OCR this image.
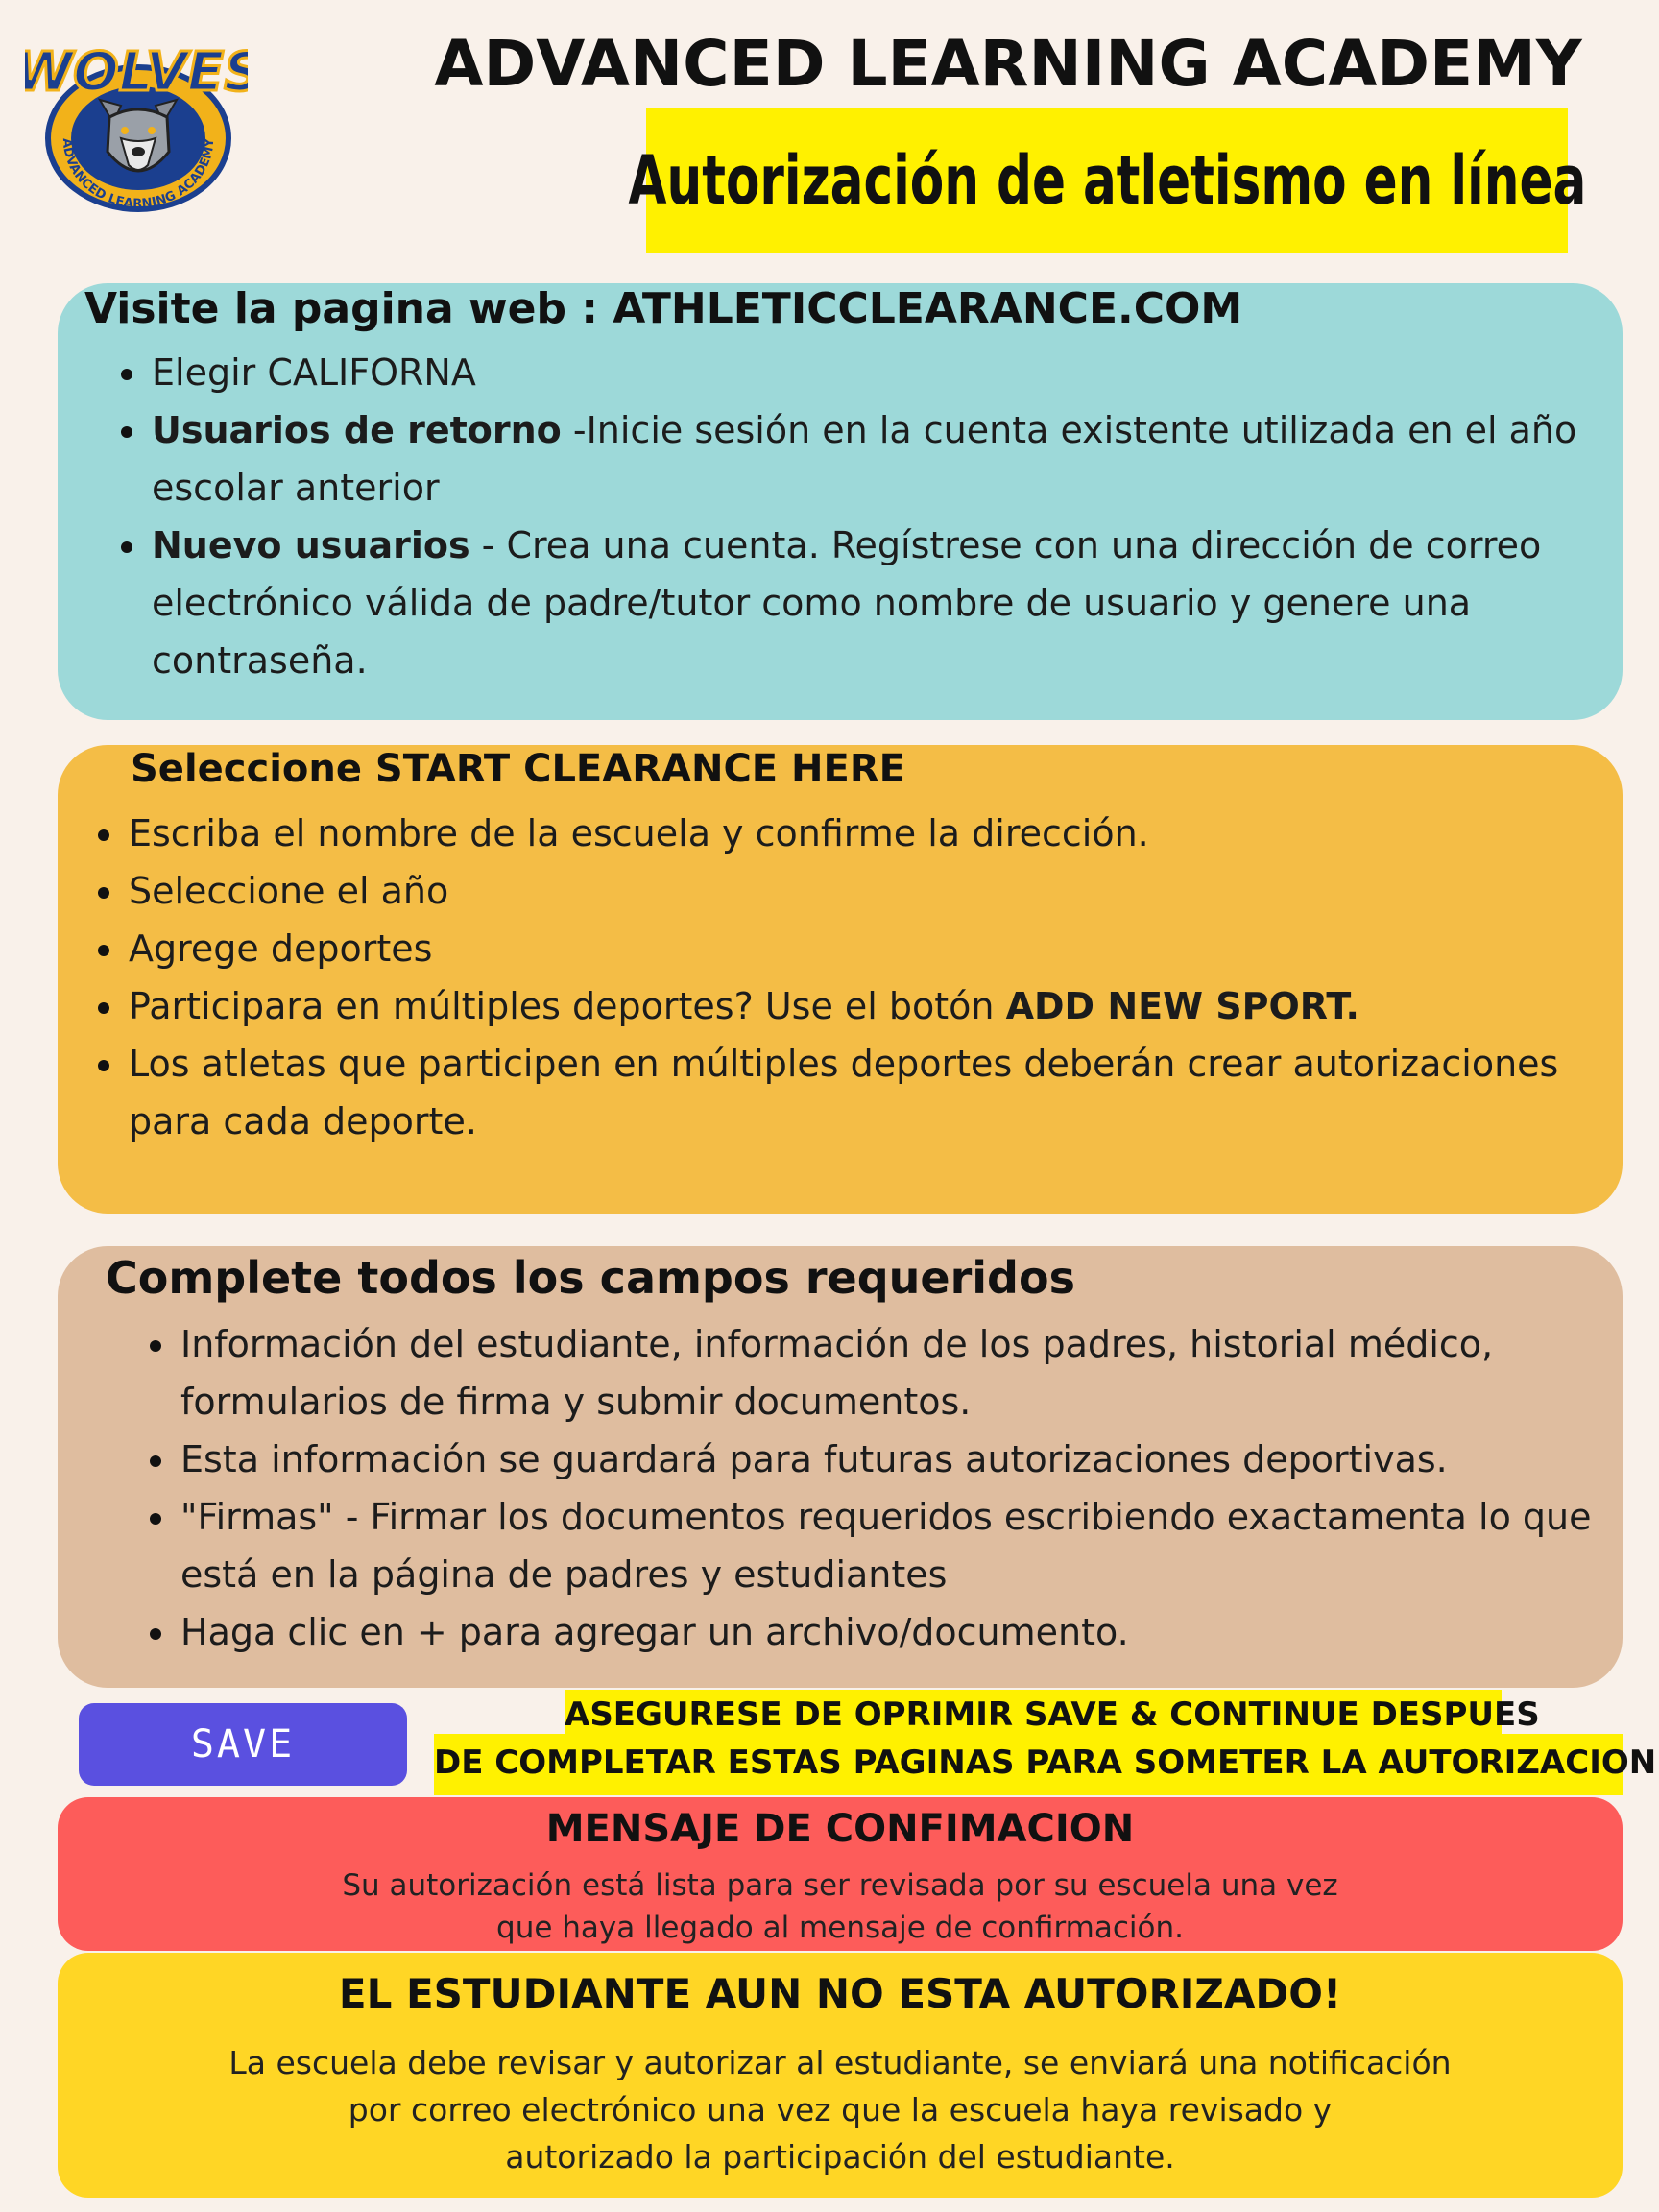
WOLVE
ADVANCED LEARNING ACADEMY
ADVANCED LEARNING ACADEMY
Autorización de atletismo en línea
Visite la pagina web : ATHLETICCLEARANCE.COM
Elegir CALIFORNA
Usuarios de retorno -Inicie sesión en la cuenta existente utilizada en el año escolar anterior
Nuevo usuarios - Crea una cuenta. Regístrese con una dirección de correo electrónico válida de padre/tutor como nombre de usuario y genere una contraseña.
Seleccione START CLEARANCE HERE
Escriba el nombre de la escuela y confirme la dirección.
Seleccione el año
Agrege deportes
Participara en múltiples deportes? Use el botón ADD NEW SPORT.
Los atletas que participen en múltiples deportes deberán crear autorizaciones para cada deporte.
Complete todos los campos requeridos
Información del estudiante, información de los padres, historial médico, formularios de firma y submir documentos.
Esta información se guardará para futuras autorizaciones deportivas.
"Firmas" - Firmar los documentos requeridos escribiendo exactamenta lo que está en la página de padres y estudiantes
Haga clic en + para agregar un archivo/documento.
SAVE
ASEGURESE DE OPRIMIR SAVE & CONTINUE DESPUES
DE COMPLETAR ESTAS PAGINAS PARA SOMETER LA AUTORIZACION
MENSAJE DE CONFIMACION
Su autorización está lista para ser revisada por su escuela una vez
que haya llegado al mensaje de confirmación.
EL ESTUDIANTE AUN NO ESTA AUTORIZADO!
La escuela debe revisar y autorizar al estudiante, se enviará una notificación
por correo electrónico una vez que la escuela haya revisado y
autorizado la participación del estudiante.
